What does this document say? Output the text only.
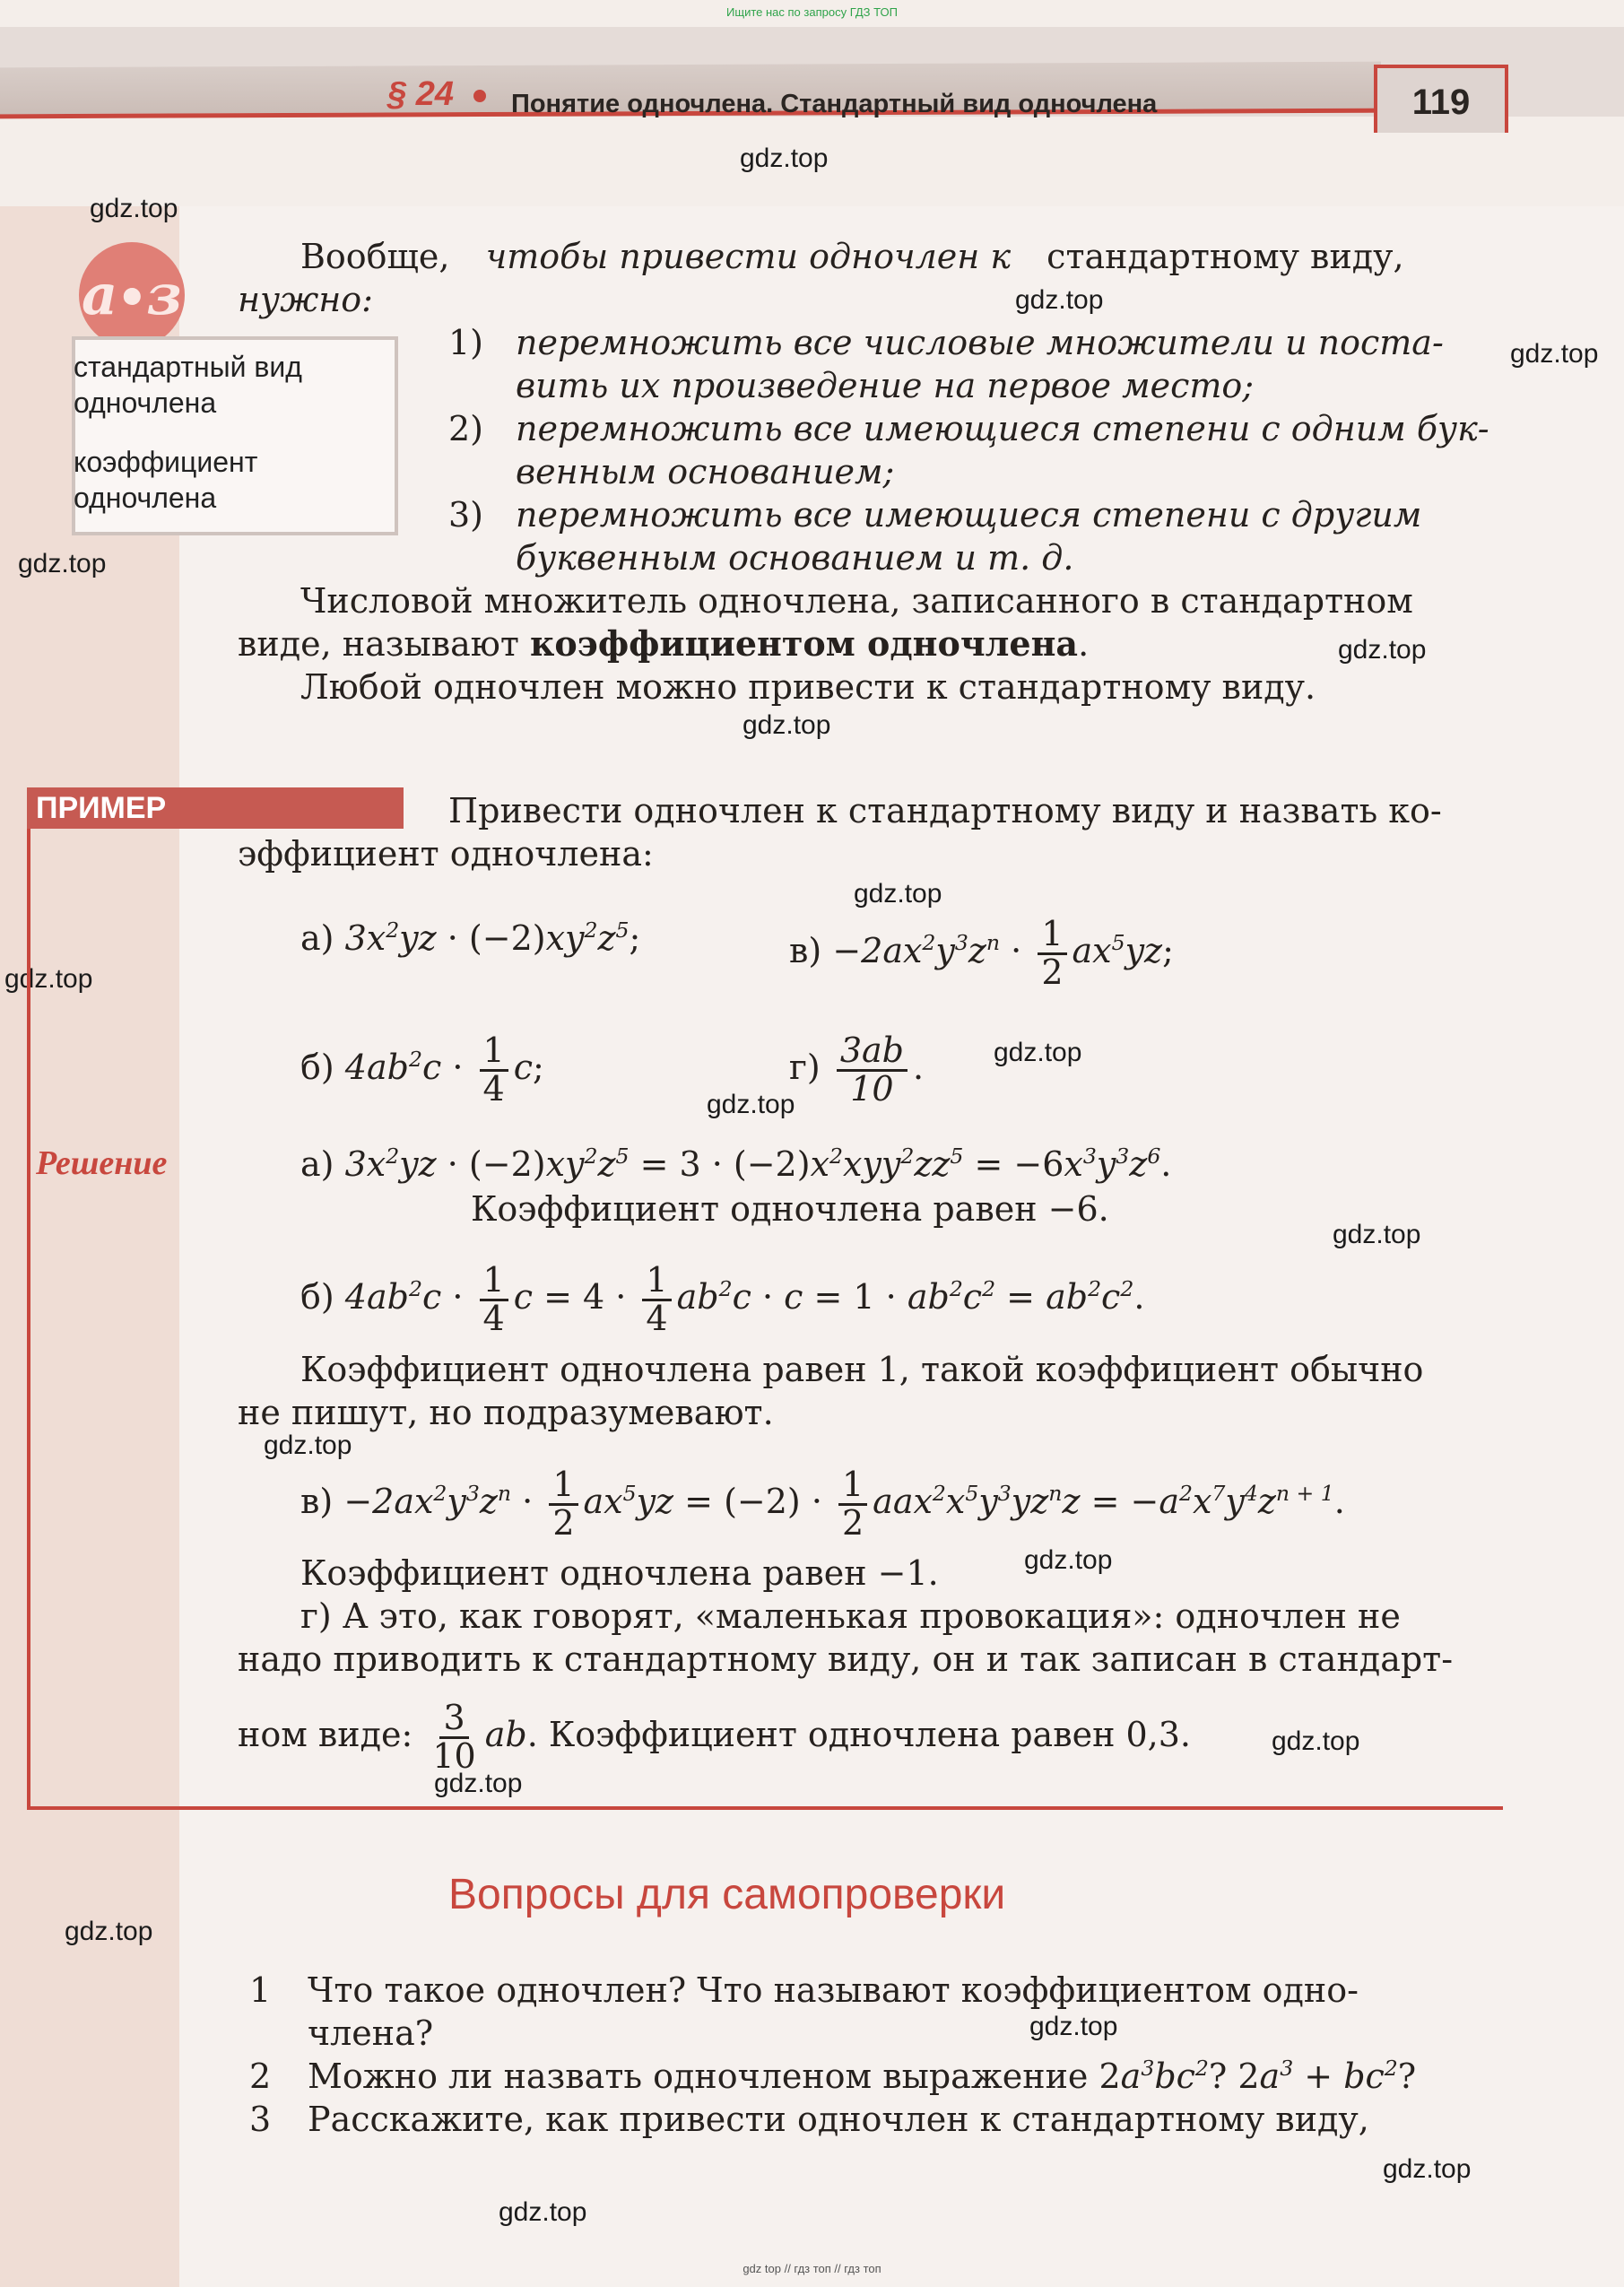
Ищите нас по запросу ГДЗ ТОП
§ 24 Понятие одночлена. Стандартный вид одночлена	119
gdz.top
gdz.top
gdz.top
gdz.top
gdz.top
gdz.top
gdz.top
gdz.top
gdz.top
gdz.top
gdz.top
gdz.top
gdz.top
gdz.top
gdz.top
gdz.top
gdz.top
gdz.top
gdz.top
gdz.top
a∙з
стандартный вид одночлена
коэффициент одночлена
Вообще, чтобы привести одночлен к стандартному виду,
нужно:
1) перемножить все числовые множители и поста-
вить их произведение на первое место;
2) перемножить все имеющиеся степени с одним бук-
венным основанием;
3) перемножить все имеющиеся степени с другим
буквенным основанием и т. д.
Числовой множитель одночлена, записанного в стандартном
виде, называют коэффициентом одночлена.
Любой одночлен можно привести к стандартному виду.
ПРИМЕР	Привести одночлен к стандартному виду и назвать ко-
эффициент одночлена:
а) $3x^2yz \cdot (-2)xy^2z^5$;	$в) -2ax^2y^3z^n \cdot \frac{1}{2} ax^5yz$;
б) $4ab^2c \cdot \frac{1}{4} c$;	$г) \frac{3ab}{10}$ .
Решение	а) $3x^2yz \cdot (-2)xy^2z^5 = 3 \cdot (-2)x^2xyy^2zz^5 = -6x^3y^3z^6$.
Коэффициент одночлена равен −6.
б) $4ab^2c \cdot \frac{1}{4}$ $c = 4 \cdot \frac{1}{4} ab^2c \cdot c = 1 \cdot ab^2c^2 = ab^2c^2$.
Коэффициент одночлена равен 1, такой коэффициент обычно
не пишут, но подразумевают.
$в) -2ax^2y^3z^n \cdot \frac{1}{2} ax^5yz = (-2) \cdot \frac{1}{2} aax^2x^5y^3yz^nz = -a^2x^7y^4z^{n + 1}$.
Коэффициент одночлена равен −1.
г) А это, как говорят, «маленькая провокация»: одночлен не
надо приводить к стандартному виду, он и так записан в стандарт-
ном виде: $\frac{3}{10}$ ab. Коэффициент одночлена равен 0,3.
Вопросы для самопроверки
1 Что такое одночлен? Что называют коэффициентом одно-
члена?
2 Можно ли назвать одночленом выражение $2a^3bc^2$? $2a^3 + bc^2$?
3 Расскажите, как привести одночлен к стандартному виду,
gdz top // гдз топ // гдз топ
